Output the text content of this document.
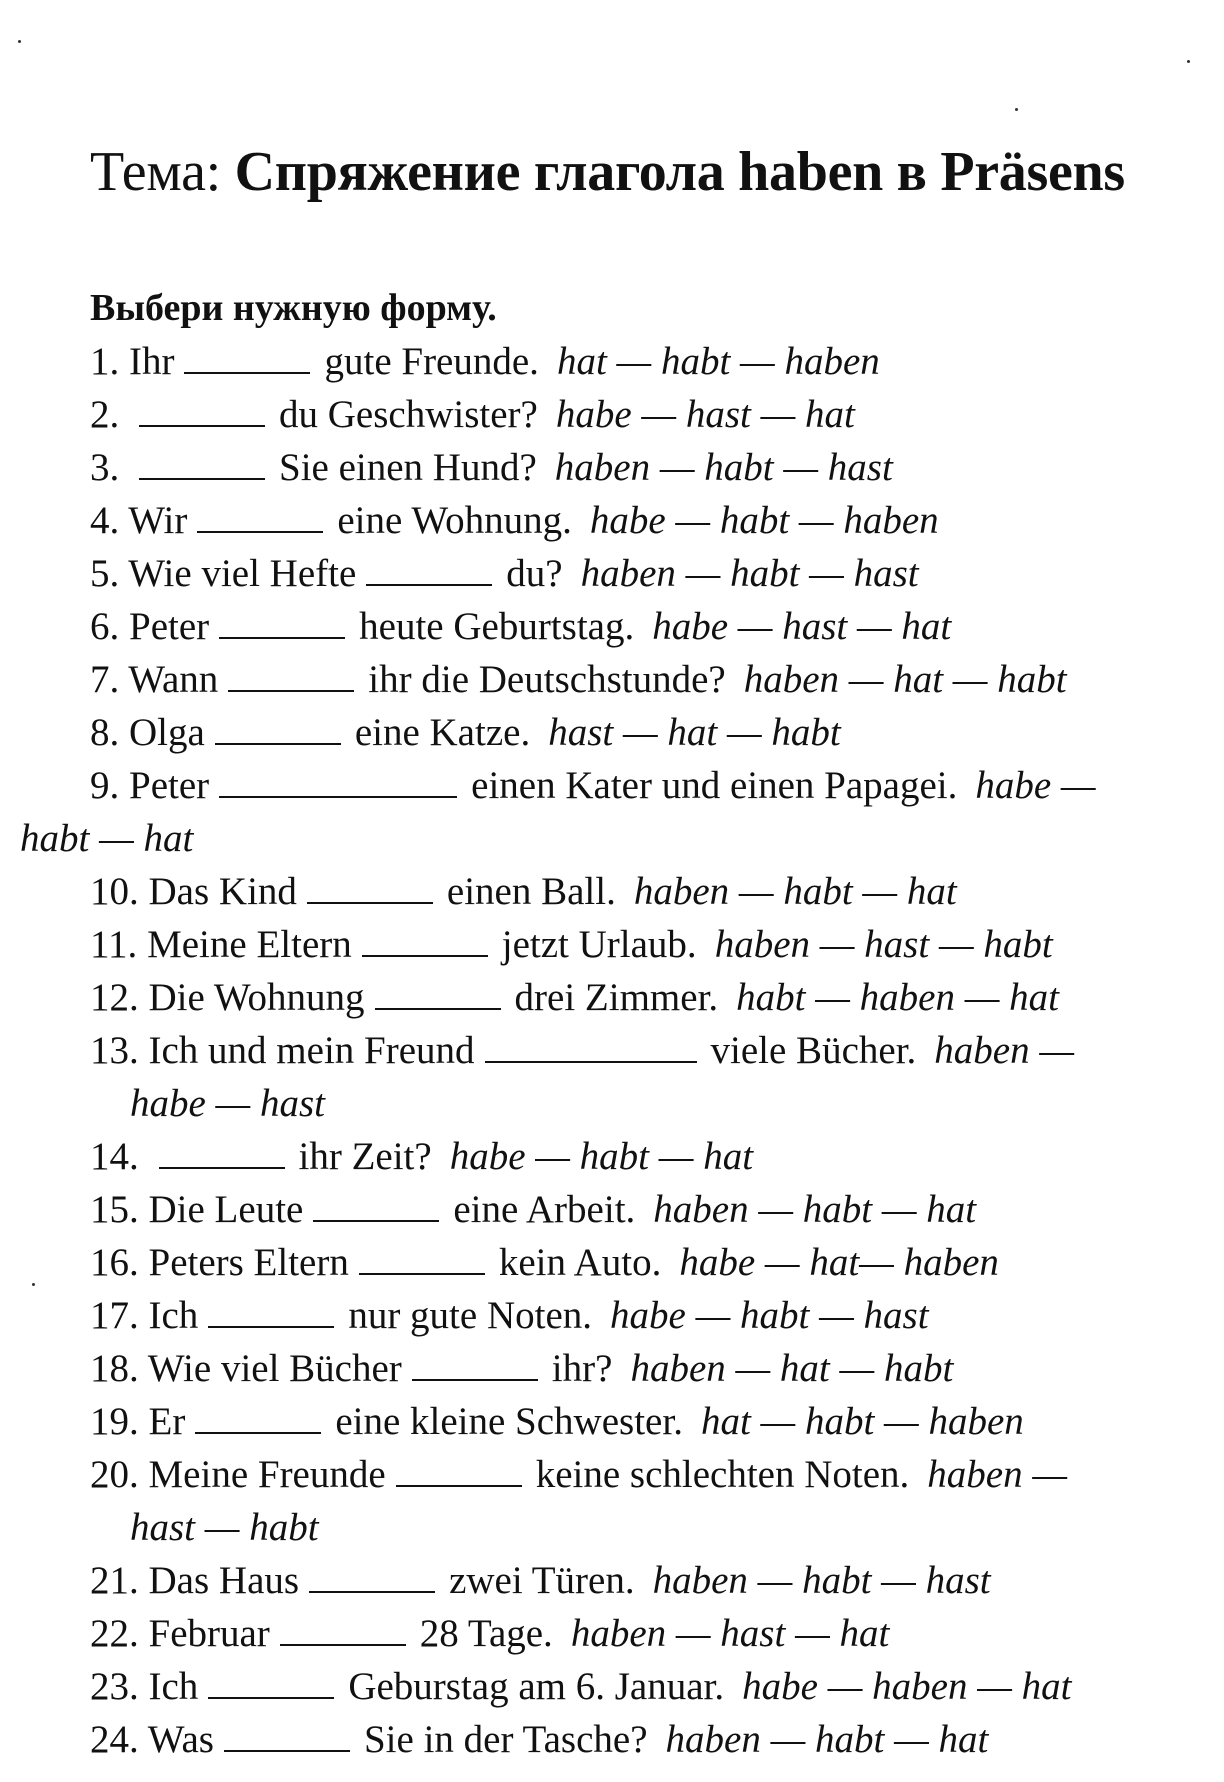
Тема: Спряжение глагола haben в Präsens
Выбери нужную форму.
1. Ihr	gute Freunde. hat — habt — haben
2.	du Geschwister? habe — hast — hat
3.	Sie einen Hund? haben — habt — hast
4. Wir	eine Wohnung. habe — habt — haben
5. Wie viel Hefte	du? haben — habt — hast
6. Peter	heute Geburtstag. habe — hast — hat
7. Wann	ihr die Deutschstunde? haben — hat — habt
8. Olga	eine Katze. hast — hat — habt
9. Peter	einen Kater und einen Papagei. habe —
habt — hat
10. Das Kind	einen Ball. haben — habt — hat
11. Meine Eltern	jetzt Urlaub. haben — hast — habt
12. Die Wohnung	drei Zimmer. habt — haben — hat
13. Ich und mein Freund	viele Bücher. haben —
habe — hast
14.	ihr Zeit? habe — habt — hat
15. Die Leute	eine Arbeit. haben — habt — hat
16. Peters Eltern	kein Auto. habe — hat— haben
17. Ich	nur gute Noten. habe — habt — hast
18. Wie viel Bücher	ihr? haben — hat — habt
19. Er	eine kleine Schwester. hat — habt — haben
20. Meine Freunde	keine schlechten Noten. haben —
hast — habt
21. Das Haus	zwei Türen. haben — habt — hast
22. Februar	28 Tage. haben — hast — hat
23. Ich	Geburstag am 6. Januar. habe — haben — hat
24. Was	Sie in der Tasche? haben — habt — hat
